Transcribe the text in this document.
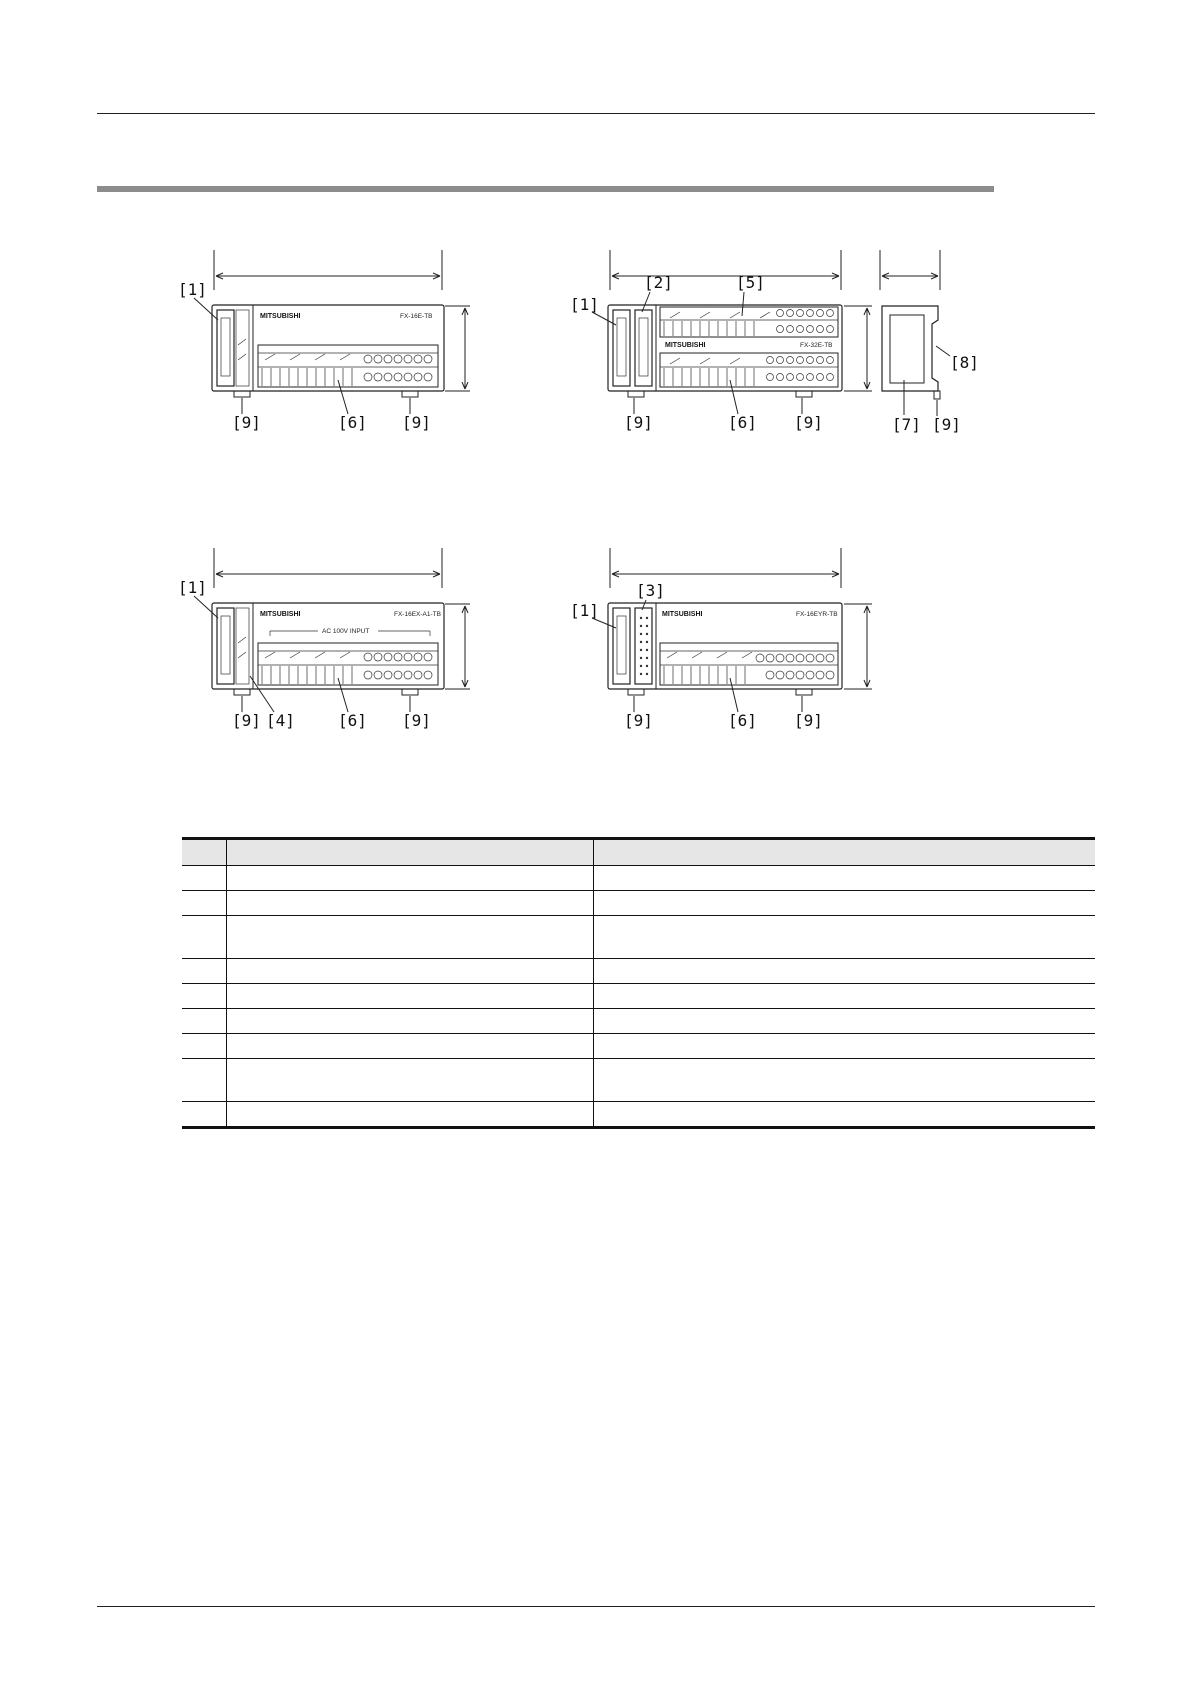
MITSUBISHI	FX-16E-TB
[1]
[9]	[6] [9]
MITSUBISHI	FX-32E-TB
[1]
[2]	[5]
[9]	[6] [9]	[7]
[8]
[9]
MITSUBISHI	FX-16EX-A1-TB
AC 100V INPUT
[1]
[9] [4]	[6] [9]
MITSUBISHI	FX-16EYR-TB
[1]
[3]
[9]	[6] [9]
